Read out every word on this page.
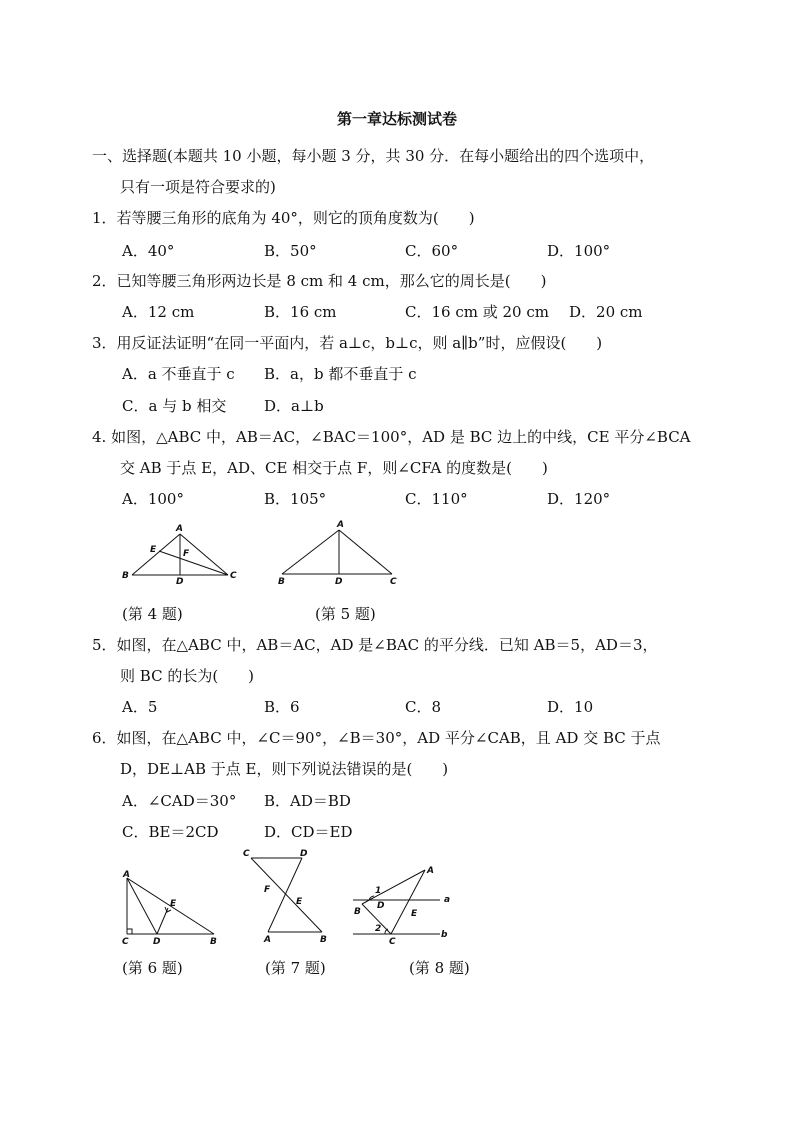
第一章达标测试卷
一、选择题(本题共 10 小题，每小题 3 分，共 30 分．在每小题给出的四个选项中，
只有一项是符合要求的)
1．若等腰三角形的底角为 40°，则它的顶角度数为(　　)
A．40°	B．50°	C．60°	D．100°
2．已知等腰三角形两边长是 8 cm 和 4 cm，那么它的周长是(　　)
A．12 cm	B．16 cm	C．16 cm 或 20 cm D．20 cm
3．用反证法证明“在同一平面内，若 a⊥c，b⊥c，则 a∥b”时，应假设(　　)
A．a 不垂直于 c B．a，b 都不垂直于 c
C．a 与 b 相交	D．a⊥b
4. 如图，△ABC 中，AB＝AC，∠BAC＝100°，AD 是 BC 边上的中线，CE 平分∠BCA
交 AB 于点 E，AD、CE 相交于点 F，则∠CFA 的度数是(　　)
A．100°	B．105°	C．110°	D．120°
A
B	C
D
E	F
A
B	C
D
(第 4 题)	(第 5 题)
5．如图，在△ABC 中，AB＝AC，AD 是∠BAC 的平分线．已知 AB＝5，AD＝3，
则 BC 的长为(　　)
A．5	B．6	C．8	D．10
6．如图，在△ABC 中，∠C＝90°，∠B＝30°，AD 平分∠CAB，且 AD 交 BC 于点
D，DE⊥AB 于点 E，则下列说法错误的是(　　)
A．∠CAD＝30° B．AD＝BD
C．BE＝2CD	D．CD＝ED
A
C	D	B
E
C	D
F
E
A	B
1
D
A
a
B	E
2
b
C
(第 6 题)	(第 7 题)	(第 8 题)
